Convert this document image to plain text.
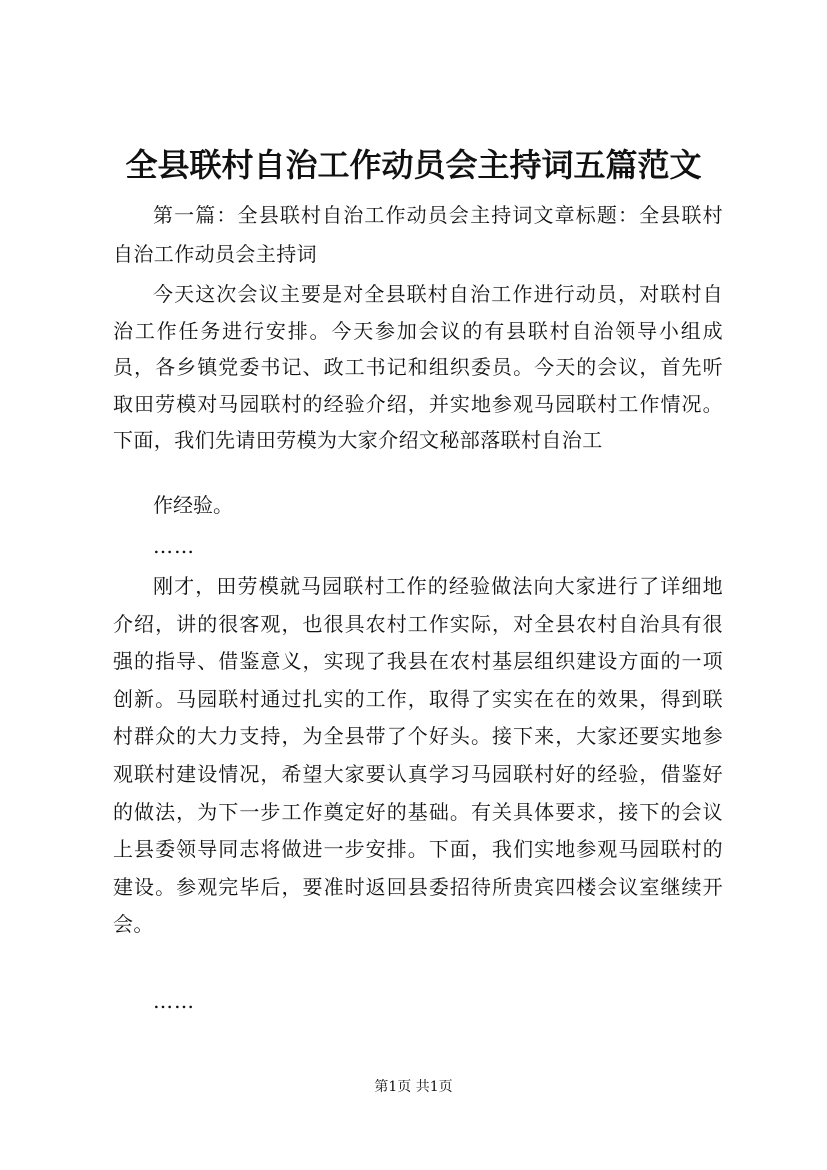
全县联村自治工作动员会主持词五篇范文

第一篇：全县联村自治工作动员会主持词文章标题：全县联村自治工作动员会主持词

今天这次会议主要是对全县联村自治工作进行动员，对联村自治工作任务进行安排。今天参加会议的有县联村自治领导小组成员，各乡镇党委书记、政工书记和组织委员。今天的会议，首先听取田劳模对马园联村的经验介绍，并实地参观马园联村工作情况。下面，我们先请田劳模为大家介绍文秘部落联村自治工

作经验。

……

刚才，田劳模就马园联村工作的经验做法向大家进行了详细地介绍，讲的很客观，也很具农村工作实际，对全县农村自治具有很强的指导、借鉴意义，实现了我县在农村基层组织建设方面的一项创新。马园联村通过扎实的工作，取得了实实在在的效果，得到联村群众的大力支持，为全县带了个好头。接下来，大家还要实地参观联村建设情况，希望大家要认真学习马园联村好的经验，借鉴好的做法，为下一步工作奠定好的基础。有关具体要求，接下的会议上县委领导同志将做进一步安排。下面，我们实地参观马园联村的建设。参观完毕后，要准时返回县委招待所贵宾四楼会议室继续开会。

……

第1页 共1页
